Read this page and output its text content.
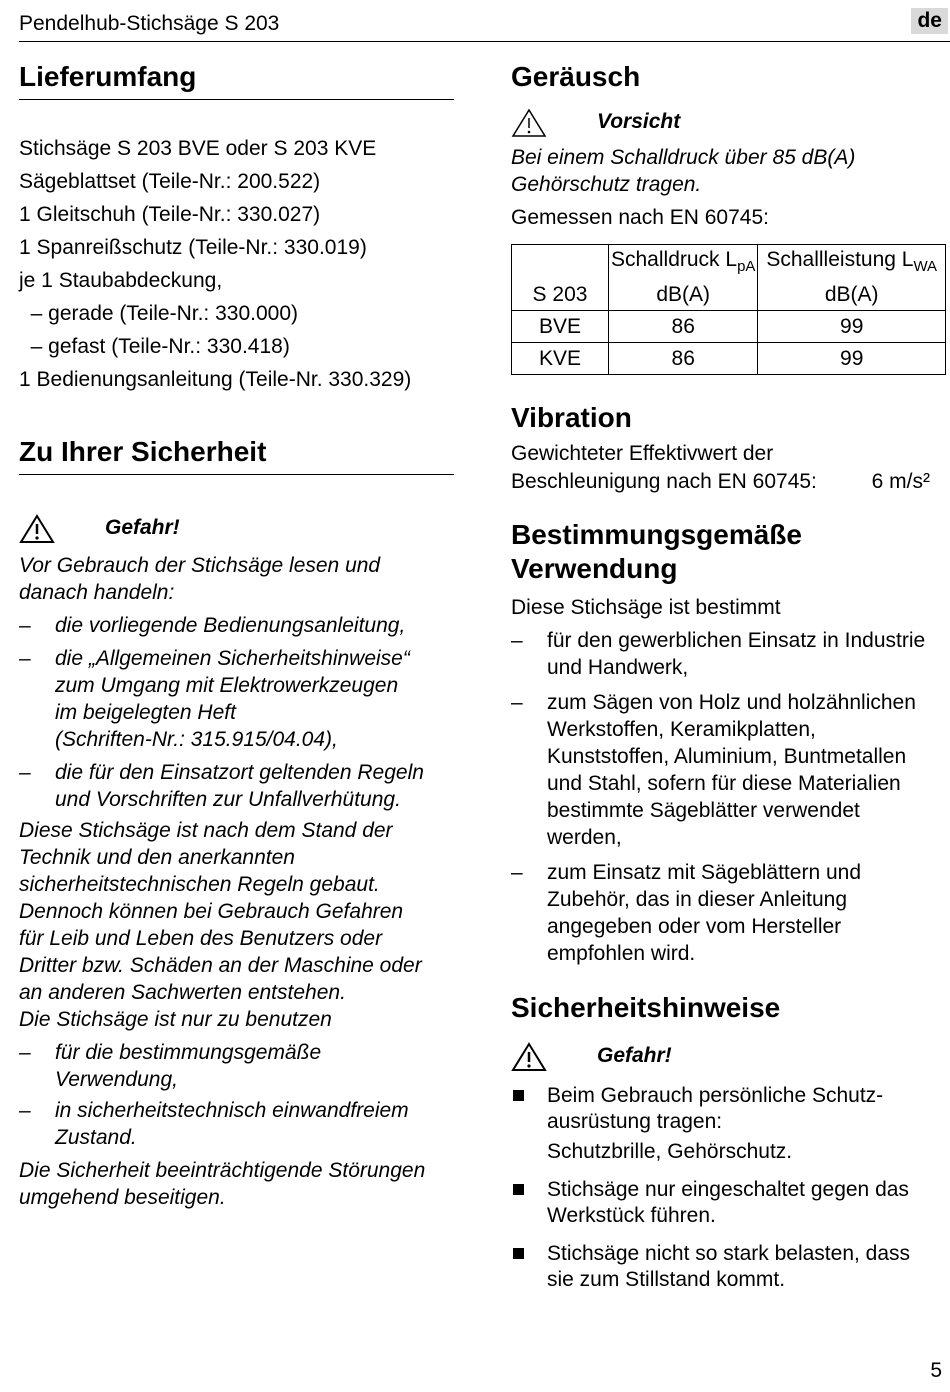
Pendelhub-Stichsäge S 203	de
Lieferumfang
Stichsäge S 203 BVE oder S 203 KVE
Sägeblattset (Teile-Nr.: 200.522)
1 Gleitschuh (Teile-Nr.: 330.027)
1 Spanreißschutz (Teile-Nr.: 330.019)
je 1 Staubabdeckung,
– gerade (Teile-Nr.: 330.000)
– gefast (Teile-Nr.: 330.418)
1 Bedienungsanleitung (Teile-Nr. 330.329)
Zu Ihrer Sicherheit
Gefahr!
Vor Gebrauch der Stichsäge lesen und
danach handeln:
– die vorliegende Bedienungsanleitung,
– die „Allgemeinen Sicherheitshinweise“
zum Umgang mit Elektrowerkzeugen
im beigelegten Heft
(Schriften-Nr.: 315.915/04.04),
– die für den Einsatzort geltenden Regeln
und Vorschriften zur Unfallverhütung.
Diese Stichsäge ist nach dem Stand der
Technik und den anerkannten
sicherheitstechnischen Regeln gebaut.
Dennoch können bei Gebrauch Gefahren
für Leib und Leben des Benutzers oder
Dritter bzw. Schäden an der Maschine oder
an anderen Sachwerten entstehen.
Die Stichsäge ist nur zu benutzen
– für die bestimmungsgemäße
Verwendung,
– in sicherheitstechnisch einwandfreiem
Zustand.
Die Sicherheit beeinträchtigende Störungen
umgehend beseitigen.
Geräusch
Vorsicht
Bei einem Schalldruck über 85 dB(A)
Gehörschutz tragen.
Gemessen nach EN 60745:
	Schalldruck $L_{pA}$	Schallleistung $L_{WA}$
S 203	dB(A)	dB(A)
BVE	86	99
KVE	86	99
Vibration
Gewichteter Effektivwert der
Beschleunigung nach EN 60745:	6 m/s²
Bestimmungsgemäße
Verwendung
Diese Stichsäge ist bestimmt
– für den gewerblichen Einsatz in Industrie
und Handwerk,
– zum Sägen von Holz und holzähnlichen
Werkstoffen, Keramikplatten,
Kunststoffen, Aluminium, Buntmetallen
und Stahl, sofern für diese Materialien
bestimmte Sägeblätter verwendet
werden,
– zum Einsatz mit Sägeblättern und
Zubehör, das in dieser Anleitung
angegeben oder vom Hersteller
empfohlen wird.
Sicherheitshinweise
Gefahr!
Beim Gebrauch persönliche Schutz-
ausrüstung tragen:
Schutzbrille, Gehörschutz.
Stichsäge nur eingeschaltet gegen das
Werkstück führen.
Stichsäge nicht so stark belasten, dass
sie zum Stillstand kommt.
5
